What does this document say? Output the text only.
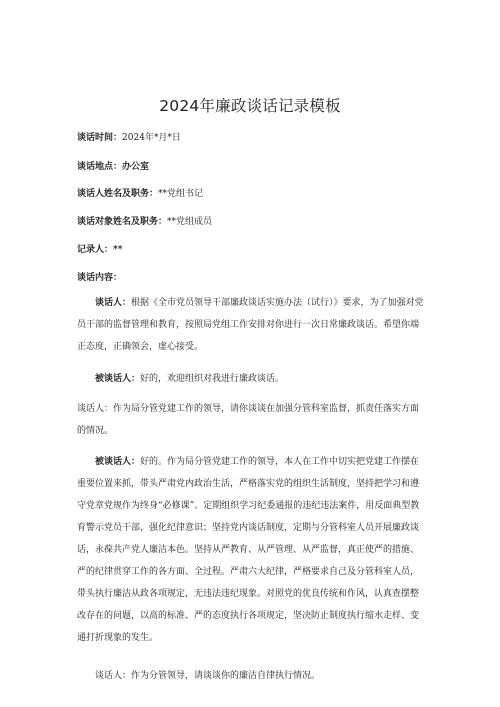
2024年廉政谈话记录模板
谈话时间：2024年*月*日
谈话地点：办公室
谈话人姓名及职务：**党组书记
谈话对象姓名及职务：**党组成员
记录人：**
谈话内容：
谈话人：根据《全市党员领导干部廉政谈话实施办法（试行）》要求，为了加强对党员干部的监督管理和教育，按照局党组工作安排对你进行一次日常廉政谈话。希望你端正态度，正确领会，虚心接受。
被谈话人：好的，欢迎组织对我进行廉政谈话。
谈话人：作为局分管党建工作的领导，请你谈谈在加强分管科室监督，抓责任落实方面的情况。
被谈话人：好的。作为局分管党建工作的领导，本人在工作中切实把党建工作摆在重要位置来抓，带头严肃党内政治生活，严格落实党的组织生活制度，坚持把学习和遵守党章党规作为终身“必修课”。定期组织学习纪委通报的违纪违法案件，用反面典型教育警示党员干部，强化纪律意识；坚持党内谈话制度，定期与分管科室人员开展廉政谈话，永葆共产党人廉洁本色。坚持从严教育、从严管理、从严监督，真正使严的措施、严的纪律贯穿工作的各方面、全过程。严肃六大纪律，严格要求自己及分管科室人员，带头执行廉洁从政各项规定，无违法违纪现象。对照党的优良传统和作风，认真查摆整改存在的问题，以高的标准、严的态度执行各项规定，坚决防止制度执行缩水走样、变通打折现象的发生。
谈话人：作为分管领导，请谈谈你的廉洁自律执行情况。
